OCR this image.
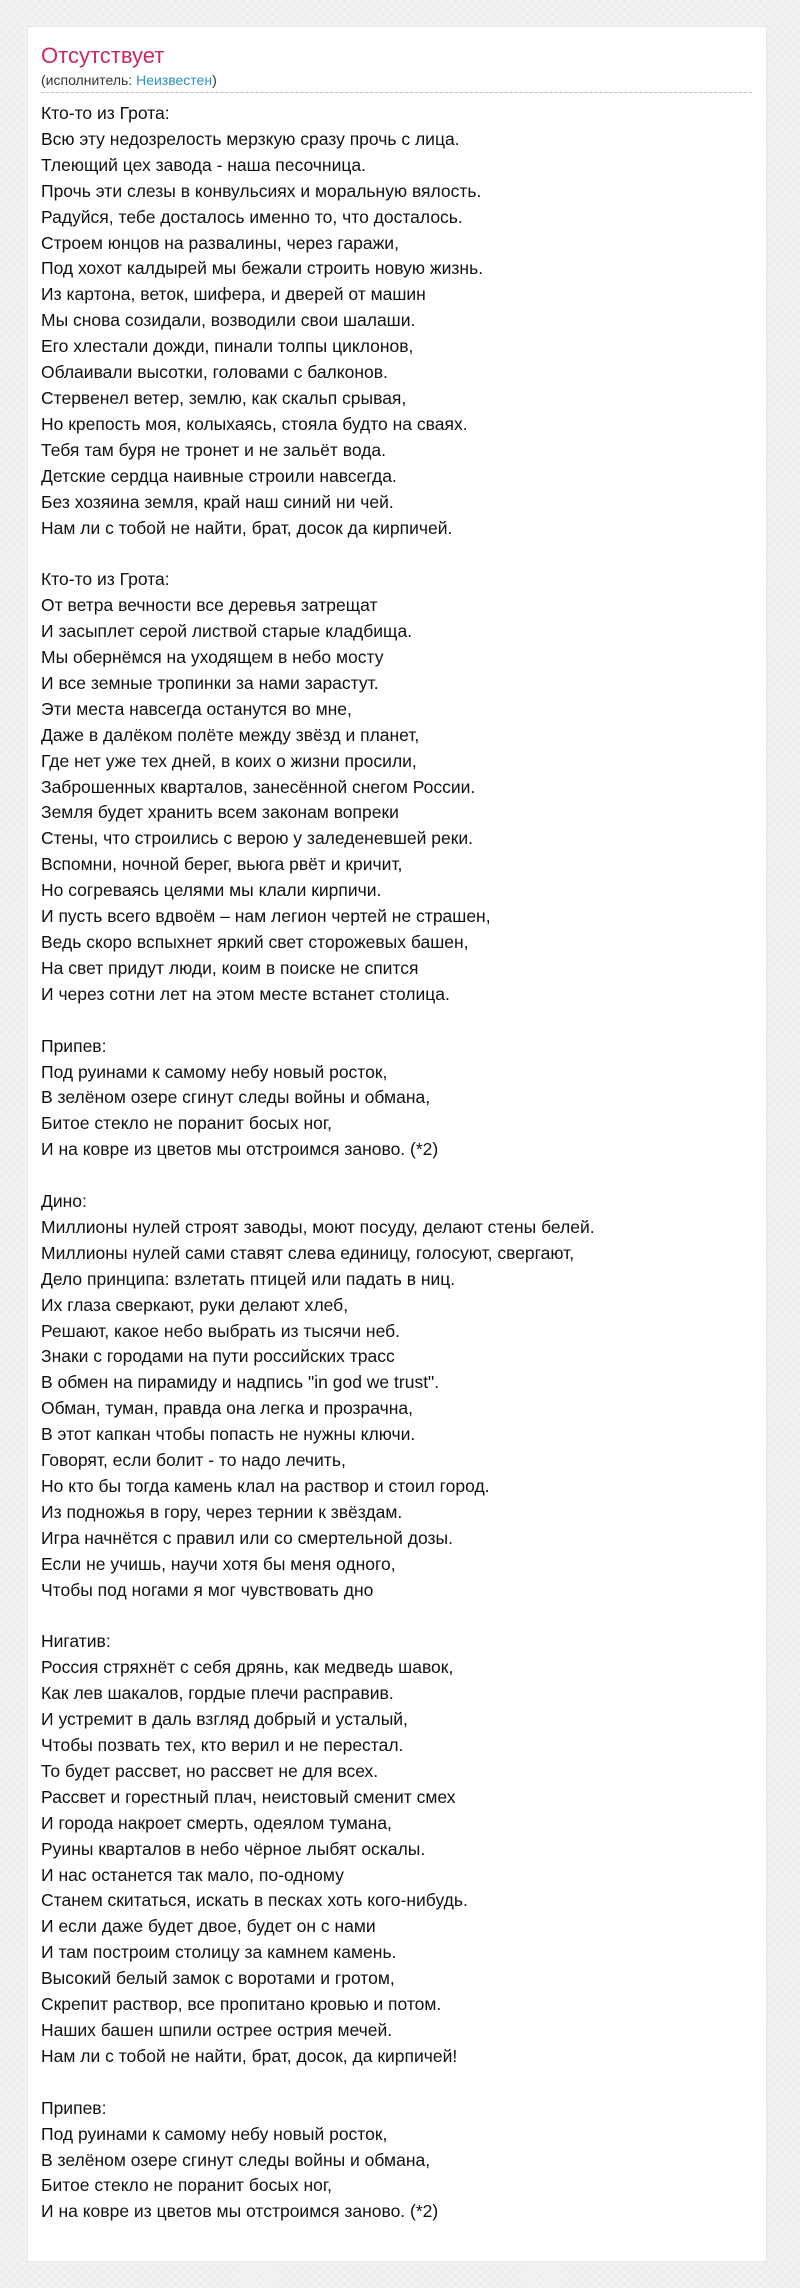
Отсутствует
(исполнитель: Неизвестен)
Кто-то из Грота:
Всю эту недозрелость мерзкую сразу прочь с лица.
Тлеющий цех завода - наша песочница.
Прочь эти слезы в конвульсиях и моральную вялость.
Радуйся, тебе досталось именно то, что досталось.
Строем юнцов на развалины, через гаражи,
Под хохот калдырей мы бежали строить новую жизнь.
Из картона, веток, шифера, и дверей от машин
Мы снова созидали, возводили свои шалаши.
Его хлестали дожди, пинали толпы циклонов,
Облаивали высотки, головами с балконов.
Стервенел ветер, землю, как скальп срывая,
Но крепость моя, колыхаясь, стояла будто на сваях.
Тебя там буря не тронет и не зальёт вода.
Детские сердца наивные строили навсегда.
Без хозяина земля, край наш синий ни чей.
Нам ли с тобой не найти, брат, досок да кирпичей.
Кто-то из Грота:
От ветра вечности все деревья затрещат
И засыплет серой листвой старые кладбища.
Мы обернёмся на уходящем в небо мосту
И все земные тропинки за нами зарастут.
Эти места навсегда останутся во мне,
Даже в далёком полёте между звёзд и планет,
Где нет уже тех дней, в коих о жизни просили,
Заброшенных кварталов, занесённой снегом России.
Земля будет хранить всем законам вопреки
Стены, что строились с верою у заледеневшей реки.
Вспомни, ночной берег, вьюга рвёт и кричит,
Но согреваясь целями мы клали кирпичи.
И пусть всего вдвоём – нам легион чертей не страшен,
Ведь скоро вспыхнет яркий свет сторожевых башен,
На свет придут люди, коим в поиске не спится
И через сотни лет на этом месте встанет столица.
Припев:
Под руинами к самому небу новый росток,
В зелёном озере сгинут следы войны и обмана,
Битое стекло не поранит босых ног,
И на ковре из цветов мы отстроимся заново. (*2)
Дино:
Миллионы нулей строят заводы, моют посуду, делают стены белей.
Миллионы нулей сами ставят слева единицу, голосуют, свергают,
Дело принципа: взлетать птицей или падать в ниц.
Их глаза сверкают, руки делают хлеб,
Решают, какое небо выбрать из тысячи неб.
Знаки с городами на пути российских трасс
В обмен на пирамиду и надпись "in god we trust".
Обман, туман, правда она легка и прозрачна,
В этот капкан чтобы попасть не нужны ключи.
Говорят, если болит - то надо лечить,
Но кто бы тогда камень клал на раствор и стоил город.
Из подножья в гору, через тернии к звёздам.
Игра начнётся с правил или со смертельной дозы.
Если не учишь, научи хотя бы меня одного,
Чтобы под ногами я мог чувствовать дно
Нигатив:
Россия стряхнёт с себя дрянь, как медведь шавок,
Как лев шакалов, гордые плечи расправив.
И устремит в даль взгляд добрый и усталый,
Чтобы позвать тех, кто верил и не перестал.
То будет рассвет, но рассвет не для всех.
Рассвет и горестный плач, неистовый сменит смех
И города накроет смерть, одеялом тумана,
Руины кварталов в небо чёрное лыбят оскалы.
И нас останется так мало, по-одному
Станем скитаться, искать в песках хоть кого-нибудь.
И если даже будет двое, будет он с нами
И там построим столицу за камнем камень.
Высокий белый замок с воротами и гротом,
Скрепит раствор, все пропитано кровью и потом.
Наших башен шпили острее острия мечей.
Нам ли с тобой не найти, брат, досок, да кирпичей!
Припев:
Под руинами к самому небу новый росток,
В зелёном озере сгинут следы войны и обмана,
Битое стекло не поранит босых ног,
И на ковре из цветов мы отстроимся заново. (*2)
